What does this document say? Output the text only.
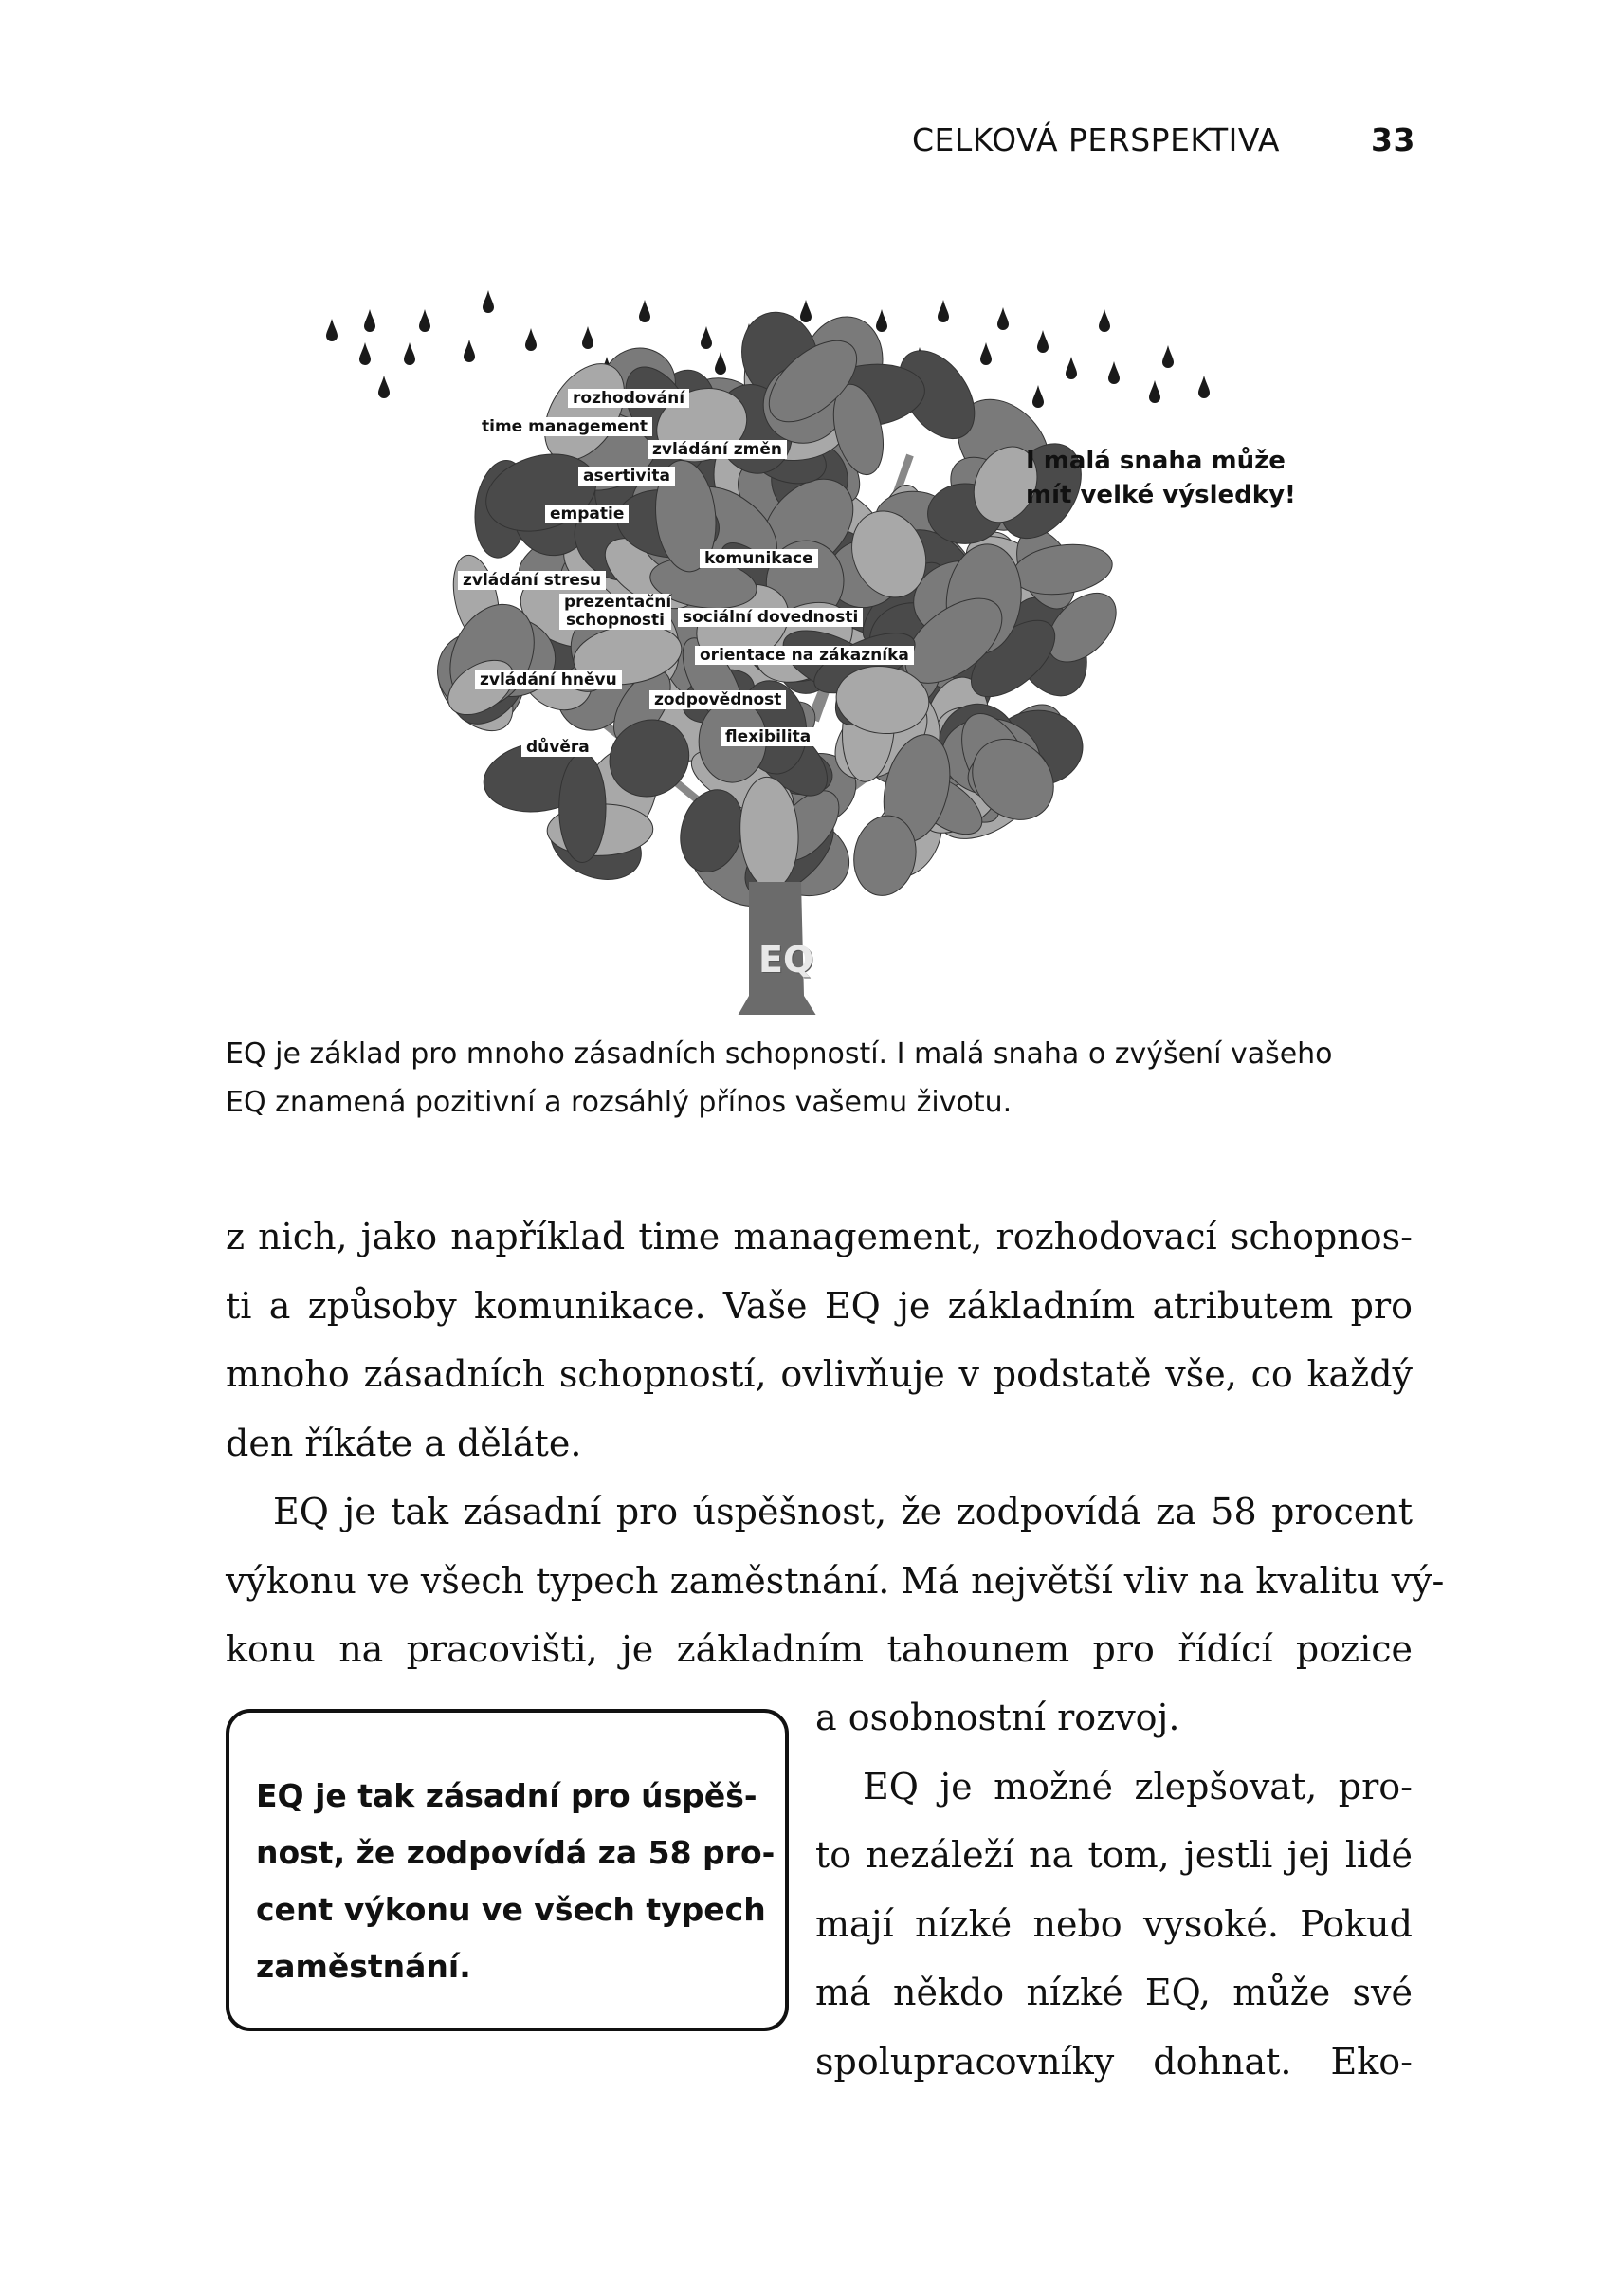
rozhodování
time management
zvládání změn
asertivita
empatie
komunikace
zvládání stresu
prezentační schopnosti	sociální dovednosti
orientace na zákazníka
zvládání hněvu
zodpovědnost
flexibilita
důvěra
CELKOVÁ PERSPEKTIVA	33
I malá snaha může
mít velké výsledky!
EQ
EQ je základ pro mnoho zásadních schopností. I malá snaha o zvýšení vašeho
EQ znamená pozitivní a rozsáhlý přínos vašemu životu.
z nich, jako například time management, rozhodovací schopnos-
ti a způsoby komunikace. Vaše EQ je základním atributem pro
mnoho zásadních schopností, ovlivňuje v podstatě vše, co každý
den říkáte a děláte.
EQ je tak zásadní pro úspěšnost, že zodpovídá za 58 procent
výkonu ve všech typech zaměstnání. Má největší vliv na kvalitu vý-
konu na pracovišti, je základním tahounem pro řídící pozice
a osobnostní rozvoj.
EQ je možné zlepšovat, pro-
to nezáleží na tom, jestli jej lidé
mají nízké nebo vysoké. Pokud
má někdo nízké EQ, může své
spolupracovníky dohnat. Eko-
EQ je tak zásadní pro úspěš-
nost, že zodpovídá za 58 pro-
cent výkonu ve všech typech
zaměstnání.
